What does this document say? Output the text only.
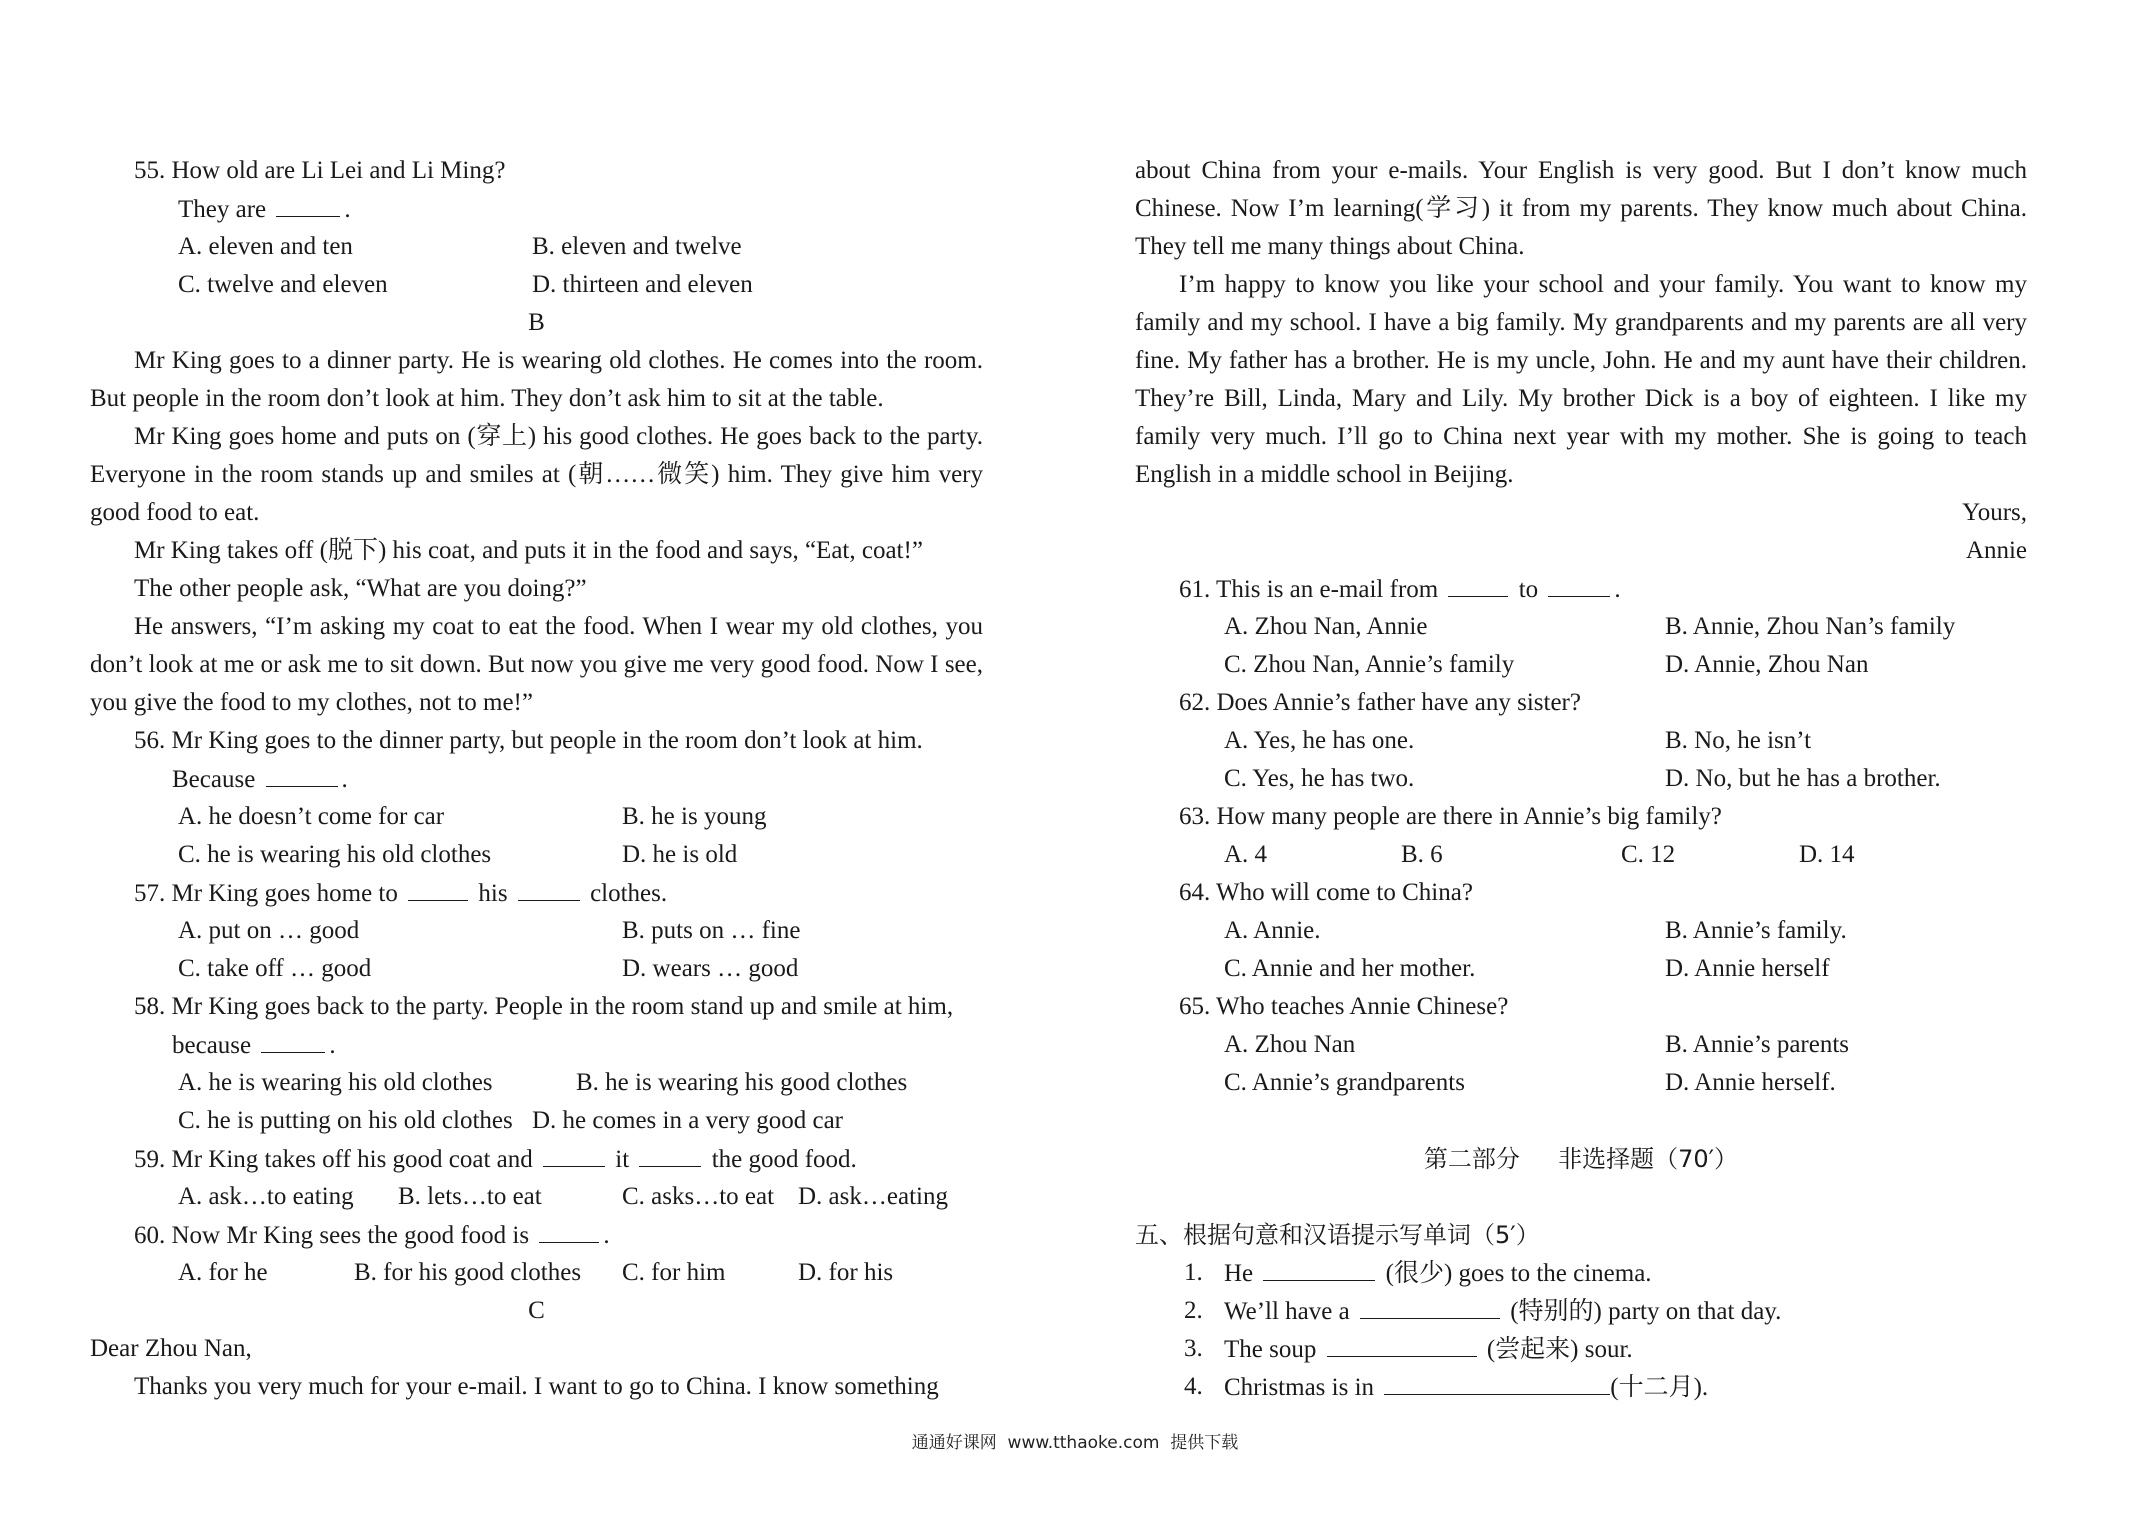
55. How old are Li Lei and Li Ming?
They are	.
A. eleven and ten	B. eleven and twelve
C. twelve and eleven	D. thirteen and eleven
B
Mr King goes to a dinner party. He is wearing old clothes. He comes into the room. But people in the room don’t look at him. They don’t ask him to sit at the table.
Mr King goes home and puts on (穿上) his good clothes. He goes back to the party. Everyone in the room stands up and smiles at (朝……微笑) him. They give him very good food to eat.
Mr King takes off (脱下) his coat, and puts it in the food and says, “Eat, coat!”
The other people ask, “What are you doing?”
He answers, “I’m asking my coat to eat the food. When I wear my old clothes, you don’t look at me or ask me to sit down. But now you give me very good food. Now I see, you give the food to my clothes, not to me!”
56. Mr King goes to the dinner party, but people in the room don’t look at him.
Because	.
A. he doesn’t come for car	B. he is young
C. he is wearing his old clothes	D. he is old
57. Mr King goes home to	his	clothes.
A. put on … good	B. puts on … fine
C. take off … good	D. wears … good
58. Mr King goes back to the party. People in the room stand up and smile at him,
because	.
A. he is wearing his old clothes	B. he is wearing his good clothes
C. he is putting on his old clothes D. he comes in a very good car
59. Mr King takes off his good coat and	it	the good food.
A. ask…to eating B. lets…to eat	C. asks…to eat D. ask…eating
60. Now Mr King sees the good food is	.
A. for he	B. for his good clothes C. for him	D. for his
C
Dear Zhou Nan,
Thanks you very much for your e-mail. I want to go to China. I know something
about China from your e-mails. Your English is very good. But I don’t know much Chinese. Now I’m learning(学习) it from my parents. They know much about China. They tell me many things about China.
I’m happy to know you like your school and your family. You want to know my family and my school. I have a big family. My grandparents and my parents are all very fine. My father has a brother. He is my uncle, John. He and my aunt have their children. They’re Bill, Linda, Mary and Lily. My brother Dick is a boy of eighteen. I like my family very much. I’ll go to China next year with my mother. She is going to teach English in a middle school in Beijing.
Yours,
Annie
61. This is an e-mail from	to	.
A. Zhou Nan, Annie	B. Annie, Zhou Nan’s family
C. Zhou Nan, Annie’s family	D. Annie, Zhou Nan
62. Does Annie’s father have any sister?
A. Yes, he has one.	B. No, he isn’t
C. Yes, he has two.	D. No, but he has a brother.
63. How many people are there in Annie’s big family?
A. 4	B. 6	C. 12	D. 14
64. Who will come to China?
A. Annie.	B. Annie’s family.
C. Annie and her mother.	D. Annie herself
65. Who teaches Annie Chinese?
A. Zhou Nan	B. Annie’s parents
C. Annie’s grandparents	D. Annie herself.
第二部分     非选择题（70′）
五、根据句意和汉语提示写单词（5′）
1. He	(很少) goes to the cinema.
2. We’ll have a	(特别的) party on that day.
3. The soup	(尝起来) sour.
4. Christmas is in	(十二月).
通通好课网  www.tthaoke.com  提供下载
